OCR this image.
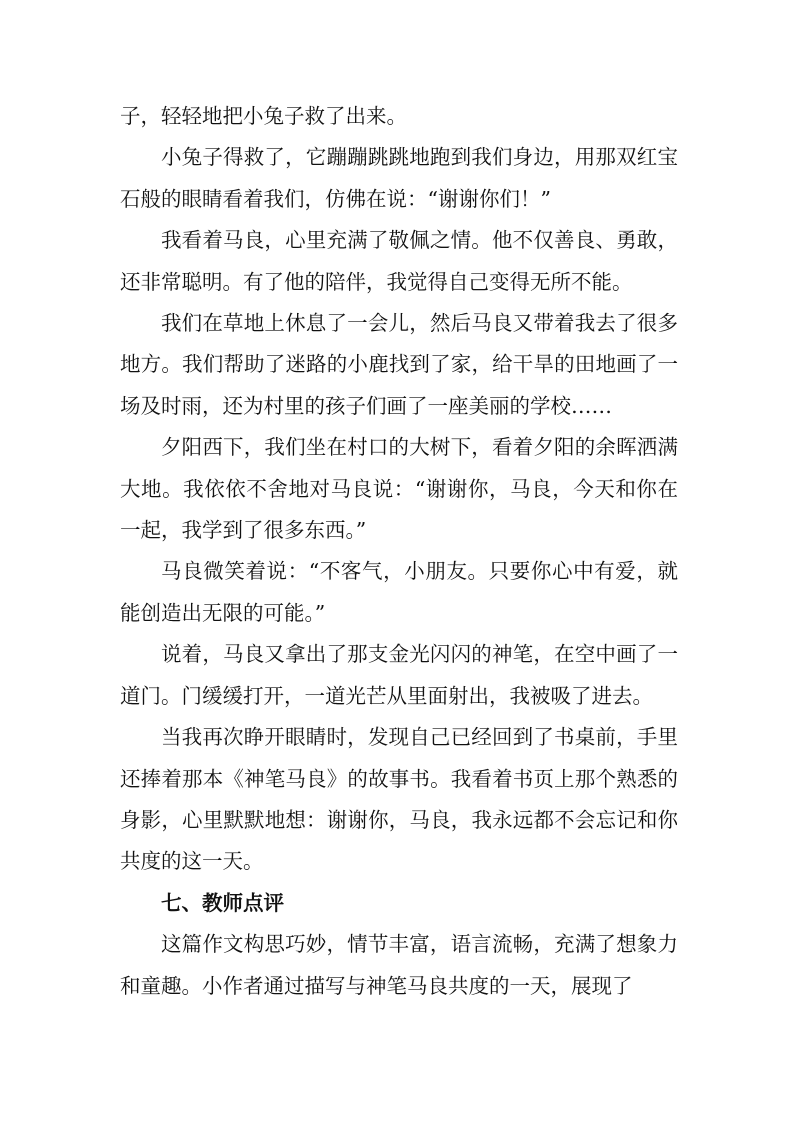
子，轻轻地把小兔子救了出来。

小兔子得救了，它蹦蹦跳跳地跑到我们身边，用那双红宝石般的眼睛看着我们，仿佛在说：“谢谢你们！”

我看着马良，心里充满了敬佩之情。他不仅善良、勇敢，还非常聪明。有了他的陪伴，我觉得自己变得无所不能。

我们在草地上休息了一会儿，然后马良又带着我去了很多地方。我们帮助了迷路的小鹿找到了家，给干旱的田地画了一场及时雨，还为村里的孩子们画了一座美丽的学校……

夕阳西下，我们坐在村口的大树下，看着夕阳的余晖洒满大地。我依依不舍地对马良说：“谢谢你，马良，今天和你在一起，我学到了很多东西。”

马良微笑着说：“不客气，小朋友。只要你心中有爱，就能创造出无限的可能。”

说着，马良又拿出了那支金光闪闪的神笔，在空中画了一道门。门缓缓打开，一道光芒从里面射出，我被吸了进去。

当我再次睁开眼睛时，发现自己已经回到了书桌前，手里还捧着那本《神笔马良》的故事书。我看着书页上那个熟悉的身影，心里默默地想：谢谢你，马良，我永远都不会忘记和你共度的这一天。

七、教师点评

这篇作文构思巧妙，情节丰富，语言流畅，充满了想象力和童趣。小作者通过描写与神笔马良共度的一天，展现了
